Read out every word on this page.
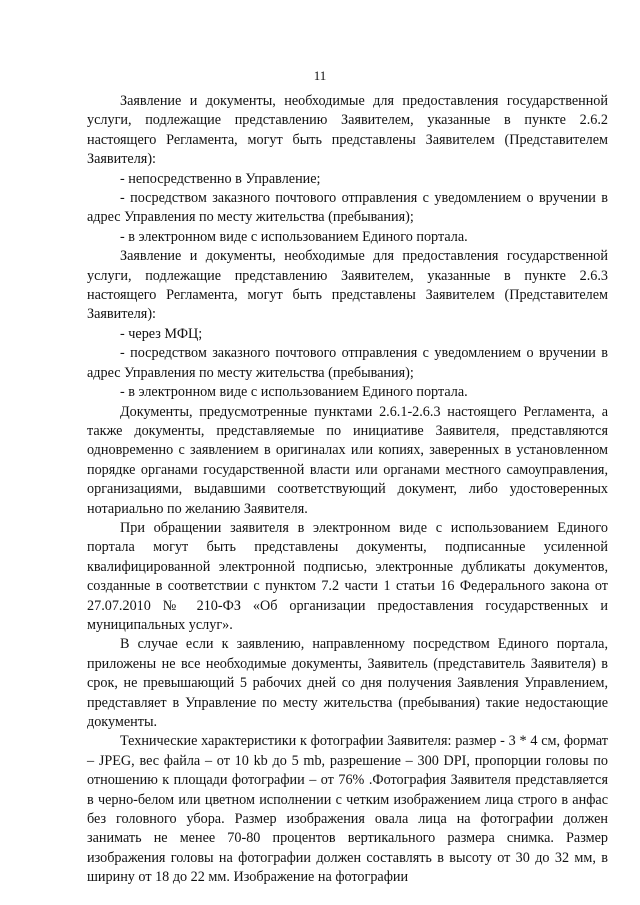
11

Заявление и документы, необходимые для предоставления государственной услуги, подлежащие представлению Заявителем, указанные в пункте 2.6.2 настоящего Регламента, могут быть представлены Заявителем (Представителем Заявителя):

- непосредственно в Управление;

- посредством заказного почтового отправления с уведомлением о вручении в адрес Управления по месту жительства (пребывания);

- в электронном виде с использованием Единого портала.

Заявление и документы, необходимые для предоставления государственной услуги, подлежащие представлению Заявителем, указанные в пункте 2.6.3 настоящего Регламента, могут быть представлены Заявителем (Представителем Заявителя):

- через МФЦ;

- посредством заказного почтового отправления с уведомлением о вручении в адрес Управления по месту жительства (пребывания);

- в электронном виде с использованием Единого портала.

Документы, предусмотренные пунктами 2.6.1-2.6.3 настоящего Регламента, а также документы, представляемые по инициативе Заявителя, представляются одновременно с заявлением в оригиналах или копиях, заверенных в установленном порядке органами государственной власти или органами местного самоуправления, организациями, выдавшими соответствующий документ, либо удостоверенных нотариально по желанию Заявителя.

При обращении заявителя в электронном виде с использованием Единого портала могут быть представлены документы, подписанные усиленной квалифицированной электронной подписью, электронные дубликаты документов, созданные в соответствии с пунктом 7.2 части 1 статьи 16 Федерального закона от 27.07.2010 № 210-ФЗ «Об организации предоставления государственных и муниципальных услуг».

В случае если к заявлению, направленному посредством Единого портала, приложены не все необходимые документы, Заявитель (представитель Заявителя) в срок, не превышающий 5 рабочих дней со дня получения Заявления Управлением, представляет в Управление по месту жительства (пребывания) такие недостающие документы.

Технические характеристики к фотографии Заявителя: размер - 3 * 4 см, формат – JPEG, вес файла – от 10 kb до 5 mb, разрешение – 300 DPI, пропорции головы по отношению к площади фотографии – от 76% .Фотография Заявителя представляется в черно-белом или цветном исполнении с четким изображением лица строго в анфас без головного убора. Размер изображения овала лица на фотографии должен занимать не менее 70-80 процентов вертикального размера снимка. Размер изображения головы на фотографии должен составлять в высоту от 30 до 32 мм, в ширину от 18 до 22 мм. Изображение на фотографии
